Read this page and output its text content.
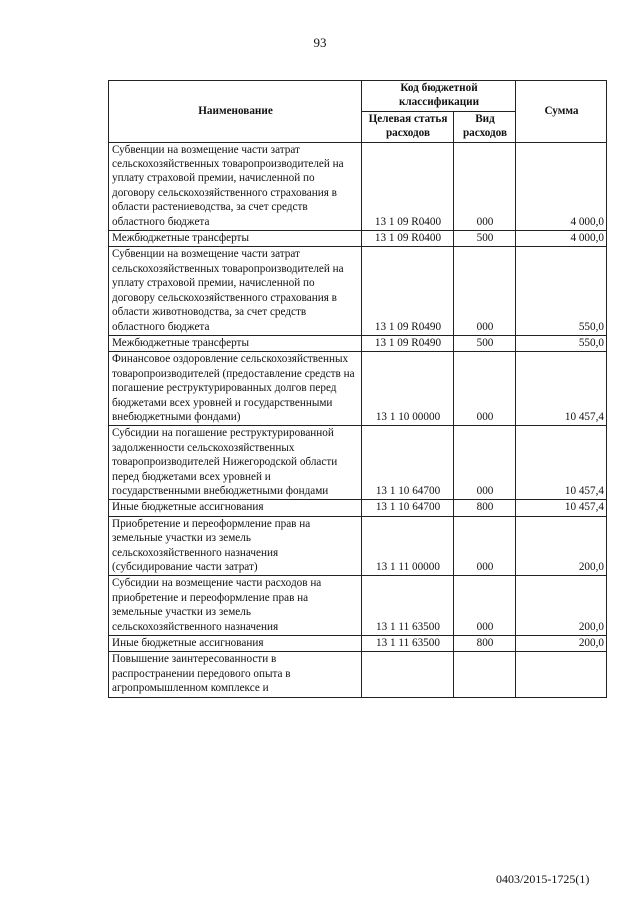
93
Наименование	Код бюджетной классификации		Сумма
	Целевая статья расходов	Вид расходов	
Субвенции на возмещение части затрат сельскохозяйственных товаропроизводителей на уплату страховой премии, начисленной по договору сельскохозяйственного страхования в области растениеводства, за счет средств областного бюджета	13 1 09 R0400	000	4 000,0
Межбюджетные трансферты	13 1 09 R0400	500	4 000,0
Субвенции на возмещение части затрат сельскохозяйственных товаропроизводителей на уплату страховой премии, начисленной по договору сельскохозяйственного страхования в области животноводства, за счет средств областного бюджета	13 1 09 R0490	000	550,0
Межбюджетные трансферты	13 1 09 R0490	500	550,0
Финансовое оздоровление сельскохозяйственных товаропроизводителей (предоставление средств на погашение реструктурированных долгов перед бюджетами всех уровней и государственными внебюджетными фондами)	13 1 10 00000	000	10 457,4
Субсидии на погашение реструктурированной задолженности сельскохозяйственных товаропроизводителей Нижегородской области перед бюджетами всех уровней и государственными внебюджетными фондами	13 1 10 64700	000	10 457,4
Иные бюджетные ассигнования	13 1 10 64700	800	10 457,4
Приобретение и переоформление прав на земельные участки из земель сельскохозяйственного назначения (субсидирование части затрат)	13 1 11 00000	000	200,0
Субсидии на возмещение части расходов на приобретение и переоформление прав на земельные участки из земель сельскохозяйственного назначения	13 1 11 63500	000	200,0
Иные бюджетные ассигнования	13 1 11 63500	800	200,0
Повышение заинтересованности в распространении передового опыта в агропромышленном комплексе и			
0403/2015-1725(1)
